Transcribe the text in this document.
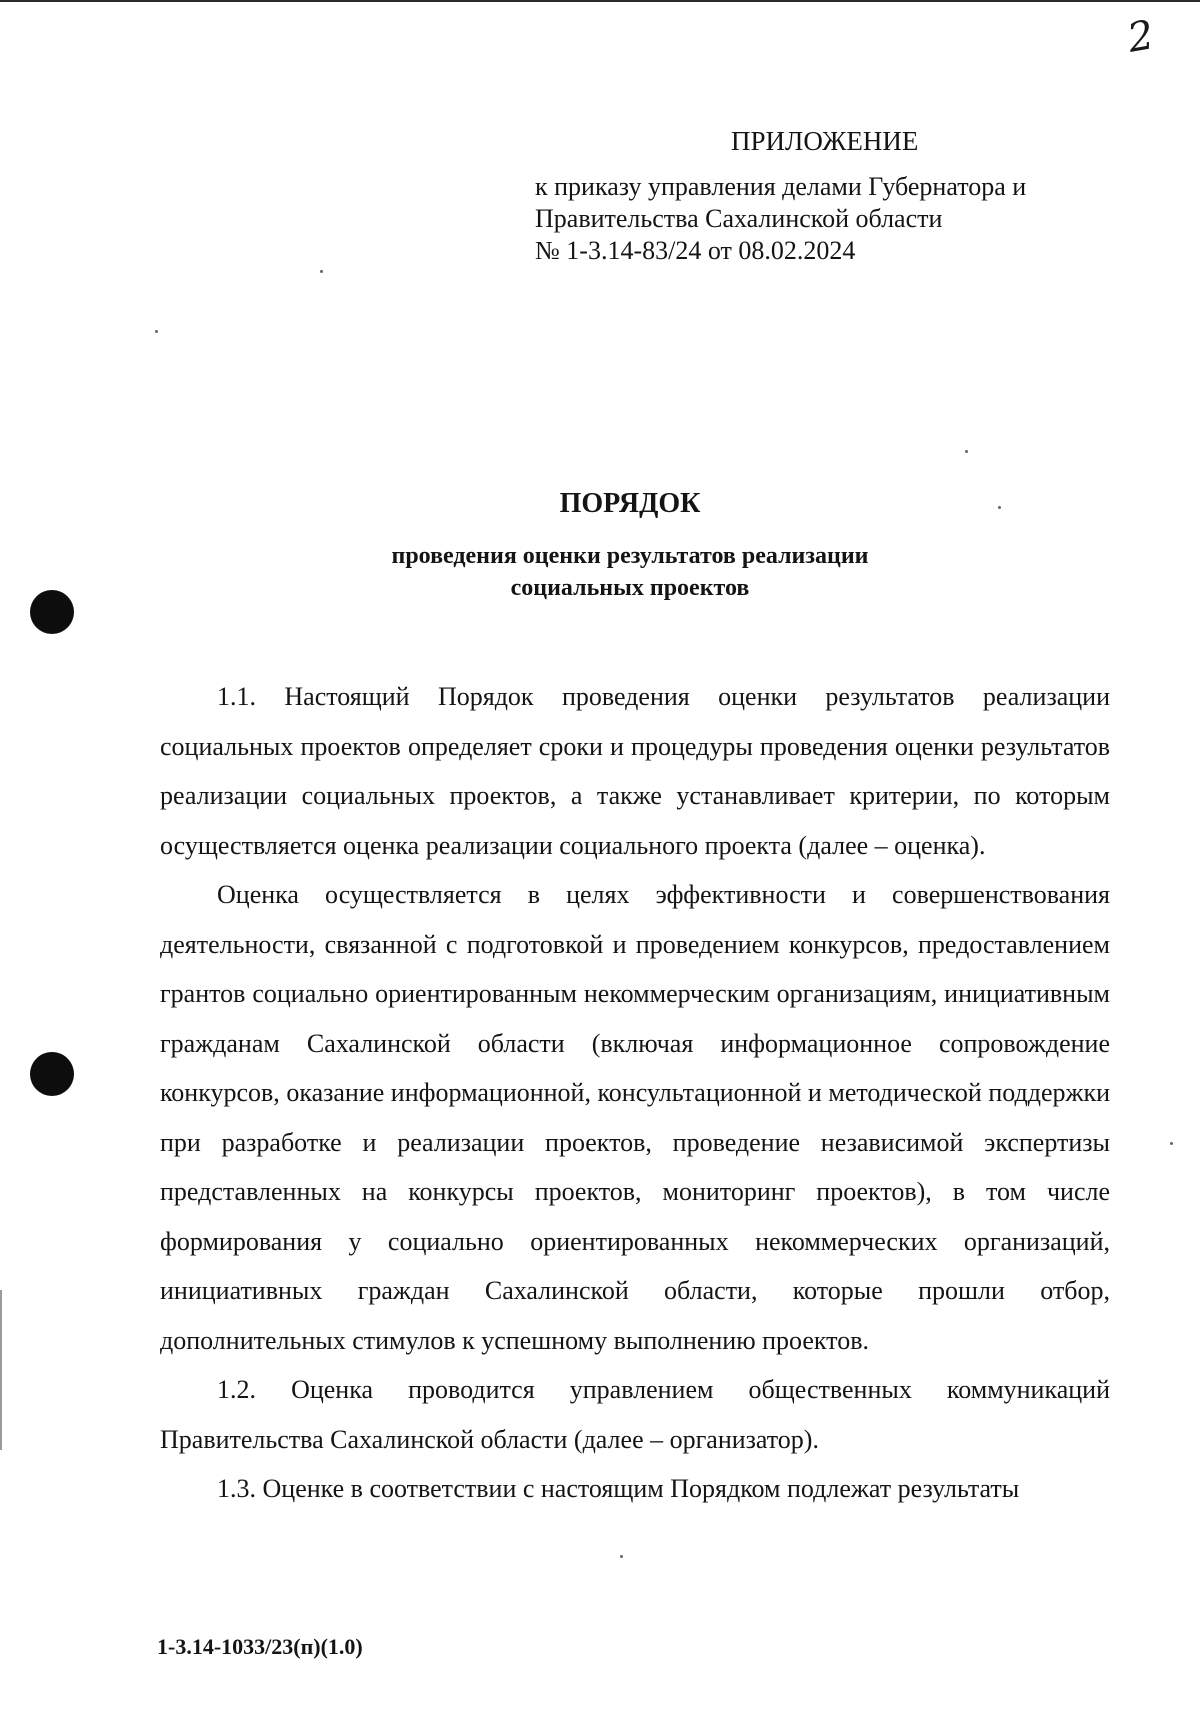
2
ПРИЛОЖЕНИЕ
к приказу управления делами Губернатора и
Правительства Сахалинской области
№ 1-3.14-83/24 от 08.02.2024
ПОРЯДОК
проведения оценки результатов реализации
социальных проектов

1.1. Настоящий Порядок проведения оценки результатов реализации социальных проектов определяет сроки и процедуры проведения оценки результатов реализации социальных проектов, а также устанавливает критерии, по которым осуществляется оценка реализации социального проекта (далее – оценка).

Оценка осуществляется в целях эффективности и совершенствования деятельности, связанной с подготовкой и проведением конкурсов, предоставлением грантов социально ориентированным некоммерческим организациям, инициативным гражданам Сахалинской области (включая информационное сопровождение конкурсов, оказание информационной, консультационной и методической поддержки при разработке и реализации проектов, проведение независимой экспертизы представленных на конкурсы проектов, мониторинг проектов), в том числе формирования у социально ориентированных некоммерческих организаций, инициативных граждан Сахалинской области, которые прошли отбор, дополнительных стимулов к успешному выполнению проектов.

1.2. Оценка проводится управлением общественных коммуникаций Правительства Сахалинской области (далее – организатор).

1.3. Оценке в соответствии с настоящим Порядком подлежат результаты

1-3.14-1033/23(п)(1.0)
